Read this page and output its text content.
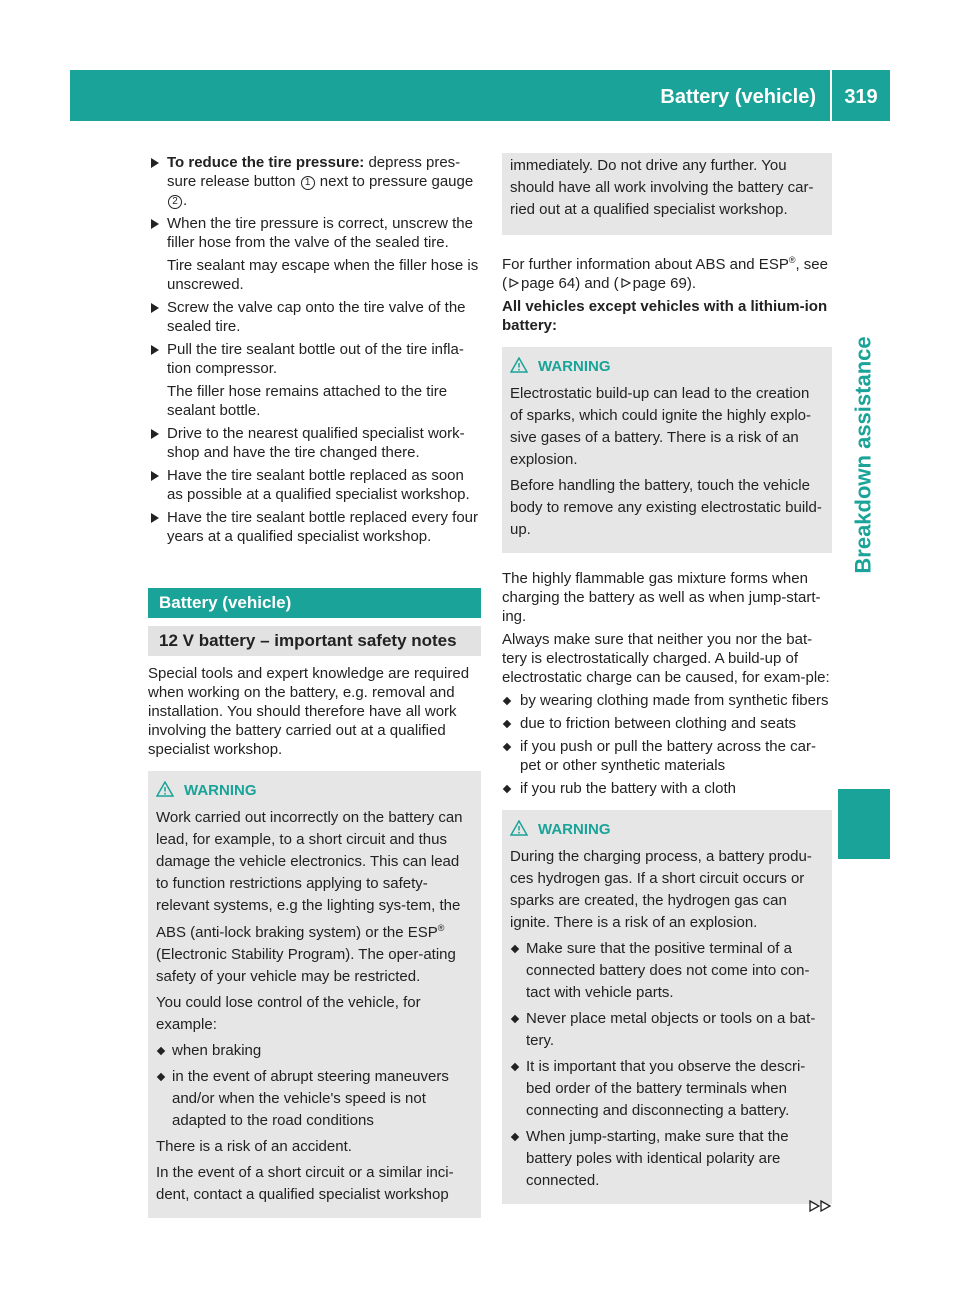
Battery (vehicle)	319
Breakdown assistance
To reduce the tire pressure: depress pres-sure release button 1 next to pressure gauge 2 .
When the tire pressure is correct, unscrew the filler hose from the valve of the sealed tire.
Tire sealant may escape when the filler hose is unscrewed.
Screw the valve cap onto the tire valve of the sealed tire.
Pull the tire sealant bottle out of the tire infla-tion compressor.
The filler hose remains attached to the tire sealant bottle.
Drive to the nearest qualified specialist work-shop and have the tire changed there.
Have the tire sealant bottle replaced as soon as possible at a qualified specialist workshop.
Have the tire sealant bottle replaced every four years at a qualified specialist workshop.
Battery (vehicle)
12 V battery – important safety notes
Special tools and expert knowledge are required when working on the battery, e.g. removal and installation. You should therefore have all work involving the battery carried out at a qualified specialist workshop.
WARNING
Work carried out incorrectly on the battery can lead, for example, to a short circuit and thus damage the vehicle electronics. This can lead to function restrictions applying to safety-relevant systems, e.g the lighting sys-tem, the ABS (anti-lock braking system) or the ESP® (Electronic Stability Program). The oper-ating safety of your vehicle may be restricted.
You could lose control of the vehicle, for example:
when braking
in the event of abrupt steering maneuvers and/or when the vehicle's speed is not adapted to the road conditions
There is a risk of an accident.
In the event of a short circuit or a similar inci-dent, contact a qualified specialist workshop
immediately. Do not drive any further. You should have all work involving the battery car-ried out at a qualified specialist workshop.
For further information about ABS and ESP®, see ( page 64) and ( page 69).
All vehicles except vehicles with a lithium-ion battery:
WARNING
Electrostatic build-up can lead to the creation of sparks, which could ignite the highly explo-sive gases of a battery. There is a risk of an explosion.
Before handling the battery, touch the vehicle body to remove any existing electrostatic build-up.
The highly flammable gas mixture forms when charging the battery as well as when jump-start-ing.
Always make sure that neither you nor the bat-tery is electrostatically charged. A build-up of electrostatic charge can be caused, for exam-ple:
by wearing clothing made from synthetic fibers
due to friction between clothing and seats
if you push or pull the battery across the car-pet or other synthetic materials
if you rub the battery with a cloth
WARNING
During the charging process, a battery produ-ces hydrogen gas. If a short circuit occurs or sparks are created, the hydrogen gas can ignite. There is a risk of an explosion.
Make sure that the positive terminal of a connected battery does not come into con-tact with vehicle parts.
Never place metal objects or tools on a bat-tery.
It is important that you observe the descri-bed order of the battery terminals when connecting and disconnecting a battery.
When jump-starting, make sure that the battery poles with identical polarity are connected.
